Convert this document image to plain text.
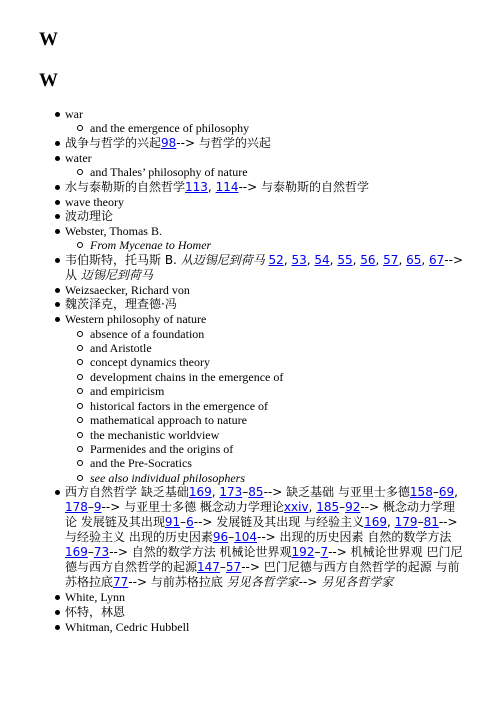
W
W
war
and the emergence of philosophy
战争与哲学的兴起98--> 与哲学的兴起
water
and Thales’ philosophy of nature
水与泰勒斯的自然哲学113, 114--> 与泰勒斯的自然哲学
wave theory
波动理论
Webster, Thomas B.
From Mycenae to Homer
韦伯斯特，托马斯 B. 从迈锡尼到荷马 52, 53, 54, 55, 56, 57, 65, 67--> 从 迈锡尼到荷马
Weizsaecker, Richard von
魏茨泽克，理查德·冯
Western philosophy of nature
absence of a foundation
and Aristotle
concept dynamics theory
development chains in the emergence of
and empiricism
historical factors in the emergence of
mathematical approach to nature
the mechanistic worldview
Parmenides and the origins of
and the Pre-Socratics
see also individual philosophers
西方自然哲学 缺乏基础169, 173–85--> 缺乏基础 与亚里士多德158–69, 178–9--> 与亚里士多德 概念动力学理论xxiv, 185–92--> 概念动力学理论 发展链及其出现91–6--> 发展链及其出现 与经验主义169, 179–81--> 与经验主义 出现的历史因素96–104--> 出现的历史因素 自然的数学方法169–73--> 自然的数学方法 机械论世界观192–7--> 机械论世界观 巴门尼德与西方自然哲学的起源147–57--> 巴门尼德与西方自然哲学的起源 与前苏格拉底77--> 与前苏格拉底 另见各哲学家--> 另见各哲学家
White, Lynn
怀特，林恩
Whitman, Cedric Hubbell
